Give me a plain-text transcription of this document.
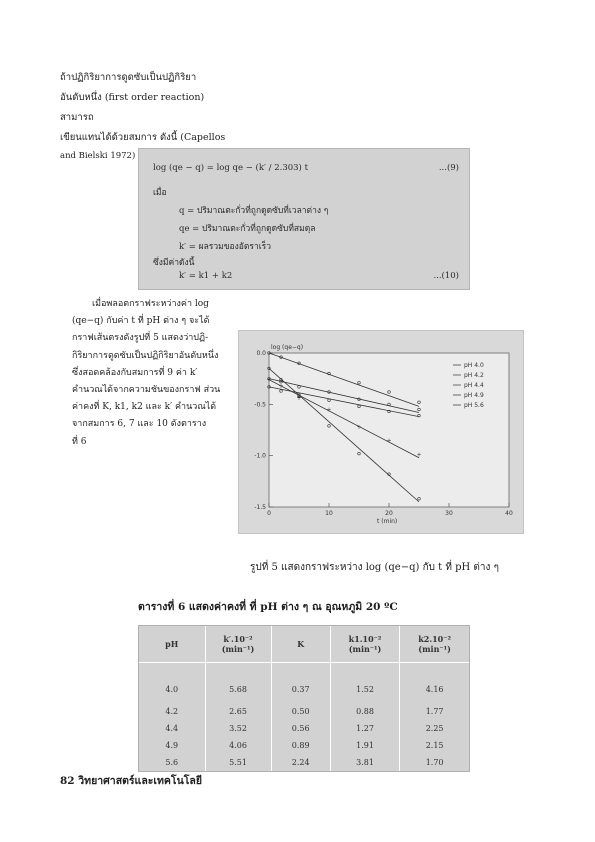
ถ้าปฏิกิริยาการดูดซับเป็นปฏิกิริยา
อันดับหนึ่ง (first order reaction) สามารถ
เขียนแทนได้ด้วยสมการ ดังนี้ (Capellos
and Bielski 1972)
log (qe − q) = log qe − (k′ / 2.303) t	...(9)
เมื่อ
q = ปริมาณตะกั่วที่ถูกดูดซับที่เวลาต่าง ๆ
qe = ปริมาณตะกั่วที่ถูกดูดซับที่สมดุล
k′ = ผลรวมของอัตราเร็ว
ซึ่งมีค่าดังนี้
k′ = k1 + k2	...(10)

เมื่อพลอตกราฟระหว่างค่า log

(qe−q) กับค่า t ที่ pH ต่าง ๆ จะได้

กราฟเส้นตรงดังรูปที่ 5 แสดงว่าปฏิ-

กิริยาการดูดซับเป็นปฏิกิริยาอันดับหนึ่ง

ซึ่งสอดคล้องกับสมการที่ 9 ค่า k′

คำนวณได้จากความชันของกราฟ ส่วน

ค่าคงที่ K, k1, k2 และ k′ คำนวณได้

จากสมการ 6, 7 และ 10 ดังตาราง

ที่ 6

log (qe−q)
t (min)
0.0
-0.5
-1.0
-1.5
0	10	20	30	40
pH 4.0
pH 4.2
+
+
+
+
+
+
+
pH 4.4
pH 4.9
pH 5.6
รูปที่ 5 แสดงกราฟระหว่าง log (qe−q) กับ t ที่ pH ต่าง ๆ
ตารางที่ 6 แสดงค่าคงที่ ที่ pH ต่าง ๆ ณ อุณหภูมิ 20 ºC
pH	k′.10⁻² (min⁻¹)	K	k1.10⁻² (min⁻¹)	k2.10⁻² (min⁻¹)
4.0	5.68	0.37	1.52	4.16
4.2	2.65	0.50	0.88	1.77
4.4	3.52	0.56	1.27	2.25
4.9	4.06	0.89	1.91	2.15
5.6	5.51	2.24	3.81	1.70
82 วิทยาศาสตร์และเทคโนโลยี
